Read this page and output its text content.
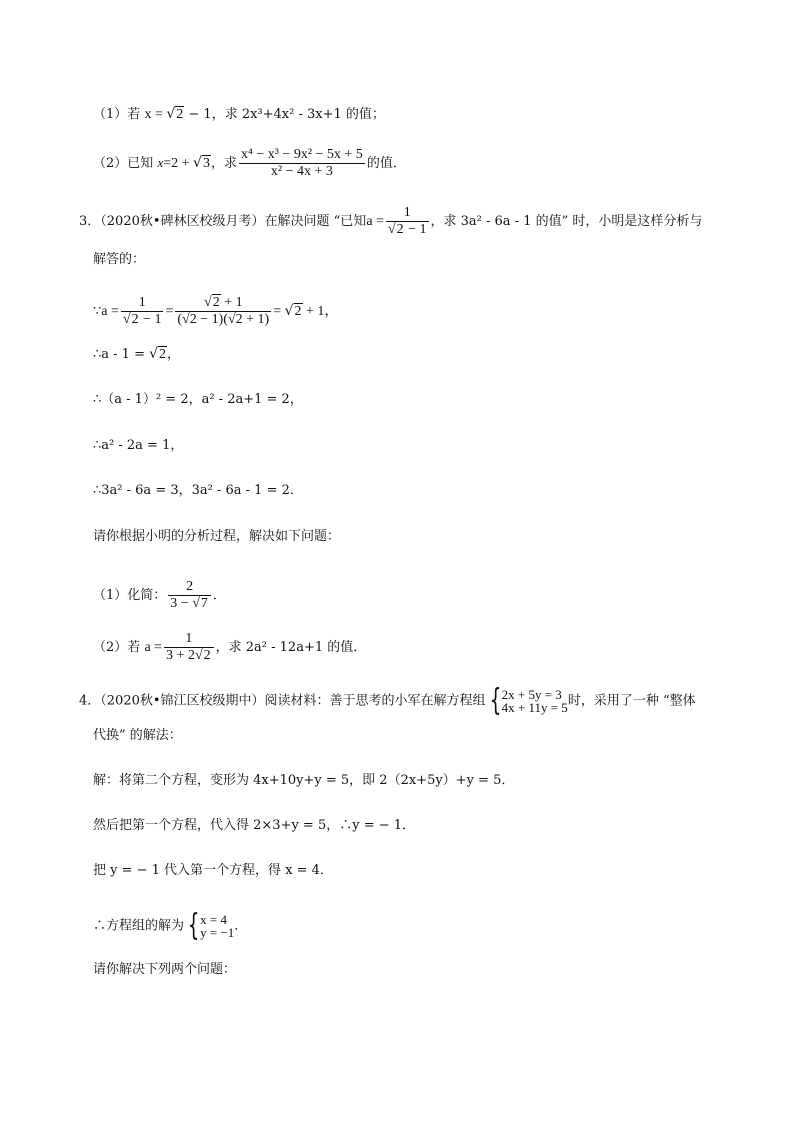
（1）若 x = √2 − 1，求 2x³+4x² - 3x+1 的值；
（2）已知 x=2 + √3，求 $\frac{\text{x⁴ − x³ − 9x² − 5x + 5}}{\text{x² − 4x + 3}}$ 的值．
3．（2020秋•碑林区校级月考）在解决问题 “已知$a = \frac{1}{√2 - 1}$ ，求 3a² - 6a - 1 的值” 时，小明是这样分析与
解答的：
∵a = $\frac{1}{√2 - 1} = \frac{√2 + 1}{(√2 - 1)(√2 + 1)} = √2 + 1$，
∴a - 1 = √2，
∴（a - 1）² = 2，a² - 2a+1 = 2，
∴a² - 2a = 1，
∴3a² - 6a = 3，3a² - 6a - 1 = 2．
请你根据小明的分析过程，解决如下问题：
（1）化简： $\frac{2}{3 - √7}$ ．
（2）若 $a = \frac{1}{3 + 2√2}$ ，求 2a² - 12a+1 的值．
4．（2020秋•锦江区校级期中）阅读材料：善于思考的小军在解方程组 { 2x + 5y = 3
4x + 11y = 5 时，采用了一种 “整体
代换” 的解法：
解：将第二个方程，变形为 4x+10y+y = 5，即 2（2x+5y）+y = 5．
然后把第一个方程，代入得 2×3+y = 5，∴y = − 1．
把 y = − 1 代入第一个方程，得 x = 4．
∴方程组的解为 { x = 4
y = −1 ．
请你解决下列两个问题：
